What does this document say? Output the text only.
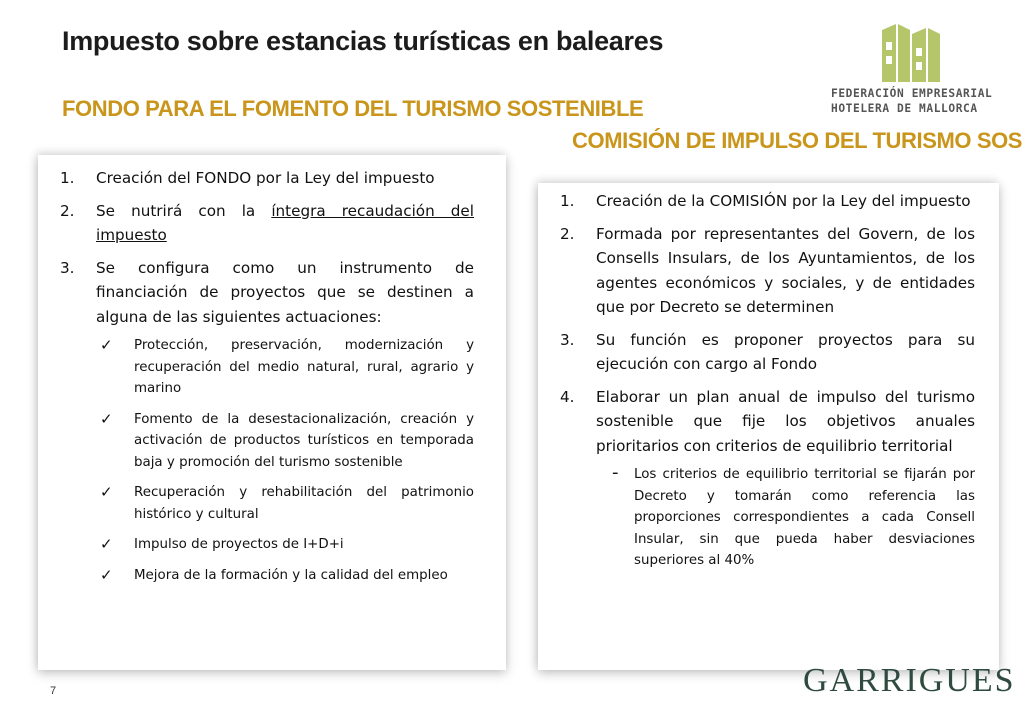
Impuesto sobre estancias turísticas en baleares
FEDERACIÓN EMPRESARIAL
HOTELERA DE MALLORCA
FONDO PARA EL FOMENTO DEL TURISMO SOSTENIBLE
COMISIÓN DE IMPULSO DEL TURISMO SOS
1. Creación del FONDO por la Ley del impuesto
2. Se nutrirá con la íntegra recaudación del impuesto
3. Se configura como un instrumento de financiación de proyectos que se destinen a alguna de las siguientes actuaciones:
✓ Protección, preservación, modernización y recuperación del medio natural, rural, agrario y marino
✓ Fomento de la desestacionalización, creación y activación de productos turísticos en temporada baja y promoción del turismo sostenible
✓ Recuperación y rehabilitación del patrimonio histórico y cultural
✓ Impulso de proyectos de I+D+i
✓ Mejora de la formación y la calidad del empleo
1. Creación de la COMISIÓN por la Ley del impuesto
2. Formada por representantes del Govern, de los Consells Insulars, de los Ayuntamientos, de los agentes económicos y sociales, y de entidades que por Decreto se determinen
3. Su función es proponer proyectos para su ejecución con cargo al Fondo
4. Elaborar un plan anual de impulso del turismo sostenible que fije los objetivos anuales prioritarios con criterios de equilibrio territorial
- Los criterios de equilibrio territorial se fijarán por Decreto y tomarán como referencia las proporciones correspondientes a cada Consell Insular, sin que pueda haber desviaciones superiores al 40%
7	GARRIGUES
